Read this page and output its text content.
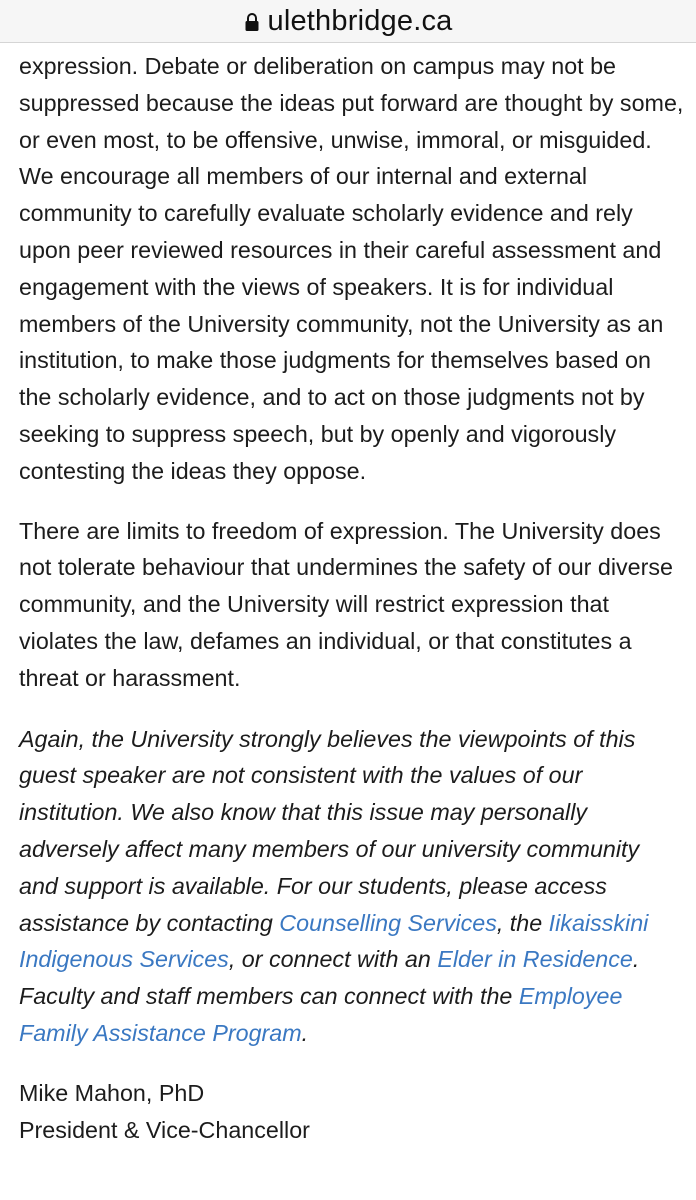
ulethbridge.ca

expression. Debate or deliberation on campus may not be suppressed because the ideas put forward are thought by some, or even most, to be offensive, unwise, immoral, or misguided. We encourage all members of our internal and external community to carefully evaluate scholarly evidence and rely upon peer reviewed resources in their careful assessment and engagement with the views of speakers. It is for individual members of the University community, not the University as an institution, to make those judgments for themselves based on the scholarly evidence, and to act on those judgments not by seeking to suppress speech, but by openly and vigorously contesting the ideas they oppose.

There are limits to freedom of expression. The University does not tolerate behaviour that undermines the safety of our diverse community, and the University will restrict expression that violates the law, defames an individual, or that constitutes a threat or harassment.

Again, the University strongly believes the viewpoints of this guest speaker are not consistent with the values of our institution. We also know that this issue may personally adversely affect many members of our university community and support is available. For our students, please access assistance by contacting Counselling Services, the Iikaisskini Indigenous Services, or connect with an Elder in Residence. Faculty and staff members can connect with the Employee Family Assistance Program.

Mike Mahon, PhD

President & Vice-Chancellor
